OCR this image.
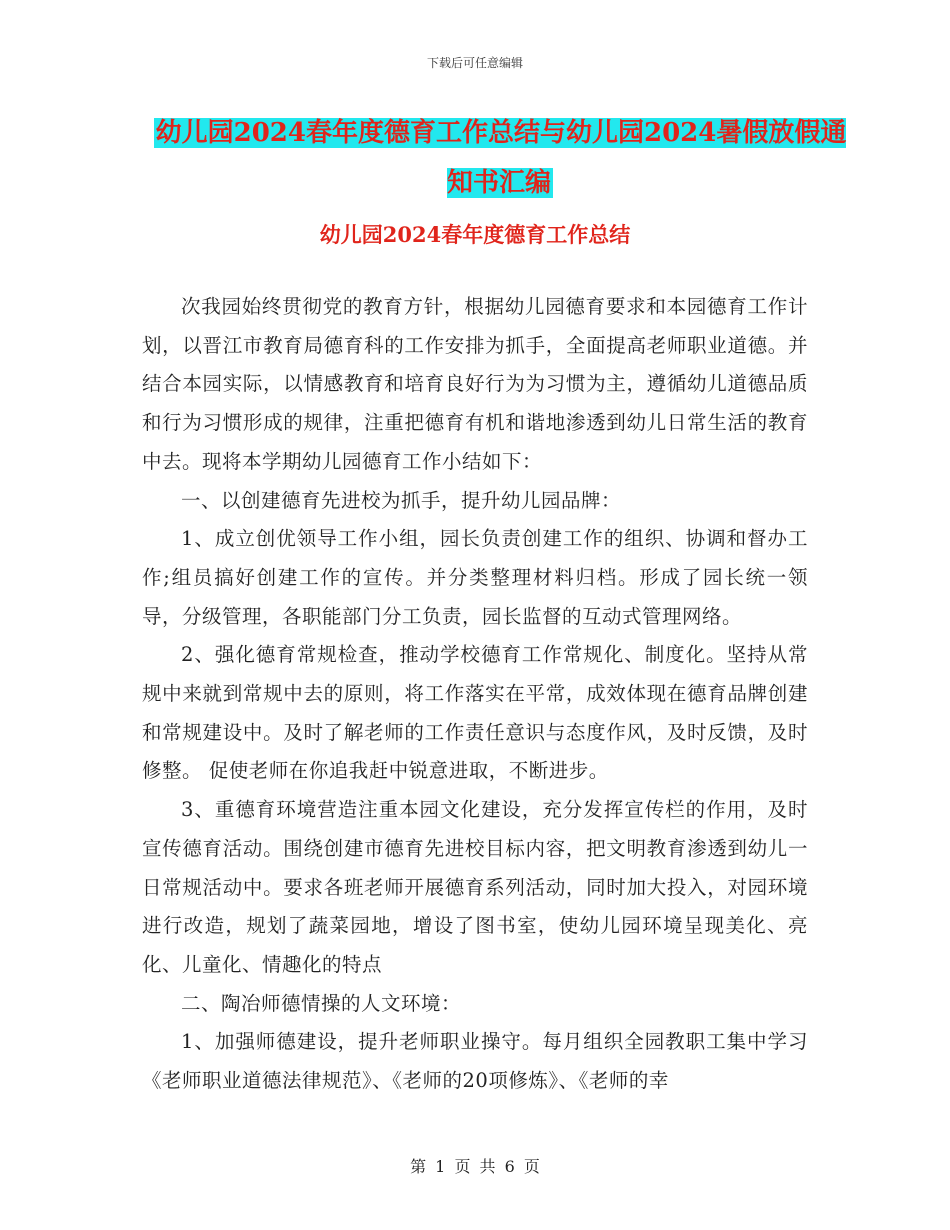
下载后可任意编辑
幼儿园2024春年度德育工作总结与幼儿园2024暑假放假通知书汇编
幼儿园2024春年度德育工作总结

次我园始终贯彻党的教育方针，根据幼儿园德育要求和本园德育工作计划，以晋江市教育局德育科的工作安排为抓手，全面提高老师职业道德。并结合本园实际，以情感教育和培育良好行为为习惯为主，遵循幼儿道德品质和行为习惯形成的规律，注重把德育有机和谐地渗透到幼儿日常生活的教育中去。现将本学期幼儿园德育工作小结如下：

一、以创建德育先进校为抓手，提升幼儿园品牌：

1、成立创优领导工作小组，园长负责创建工作的组织、协调和督办工作;组员搞好创建工作的宣传。并分类整理材料归档。形成了园长统一领导，分级管理，各职能部门分工负责，园长监督的互动式管理网络。

2、强化德育常规检查，推动学校德育工作常规化、制度化。坚持从常规中来就到常规中去的原则，将工作落实在平常，成效体现在德育品牌创建和常规建设中。及时了解老师的工作责任意识与态度作风，及时反馈，及时修整。 促使老师在你追我赶中锐意进取，不断进步。

3、重德育环境营造注重本园文化建设，充分发挥宣传栏的作用，及时宣传德育活动。围绕创建市德育先进校目标内容，把文明教育渗透到幼儿一日常规活动中。要求各班老师开展德育系列活动，同时加大投入，对园环境进行改造，规划了蔬菜园地，增设了图书室，使幼儿园环境呈现美化、亮化、儿童化、情趣化的特点

二、陶冶师德情操的人文环境：

1、加强师德建设，提升老师职业操守。每月组织全园教职工集中学习《老师职业道德法律规范》、《老师的20项修炼》、《老师的幸

第 1 页 共 6 页
